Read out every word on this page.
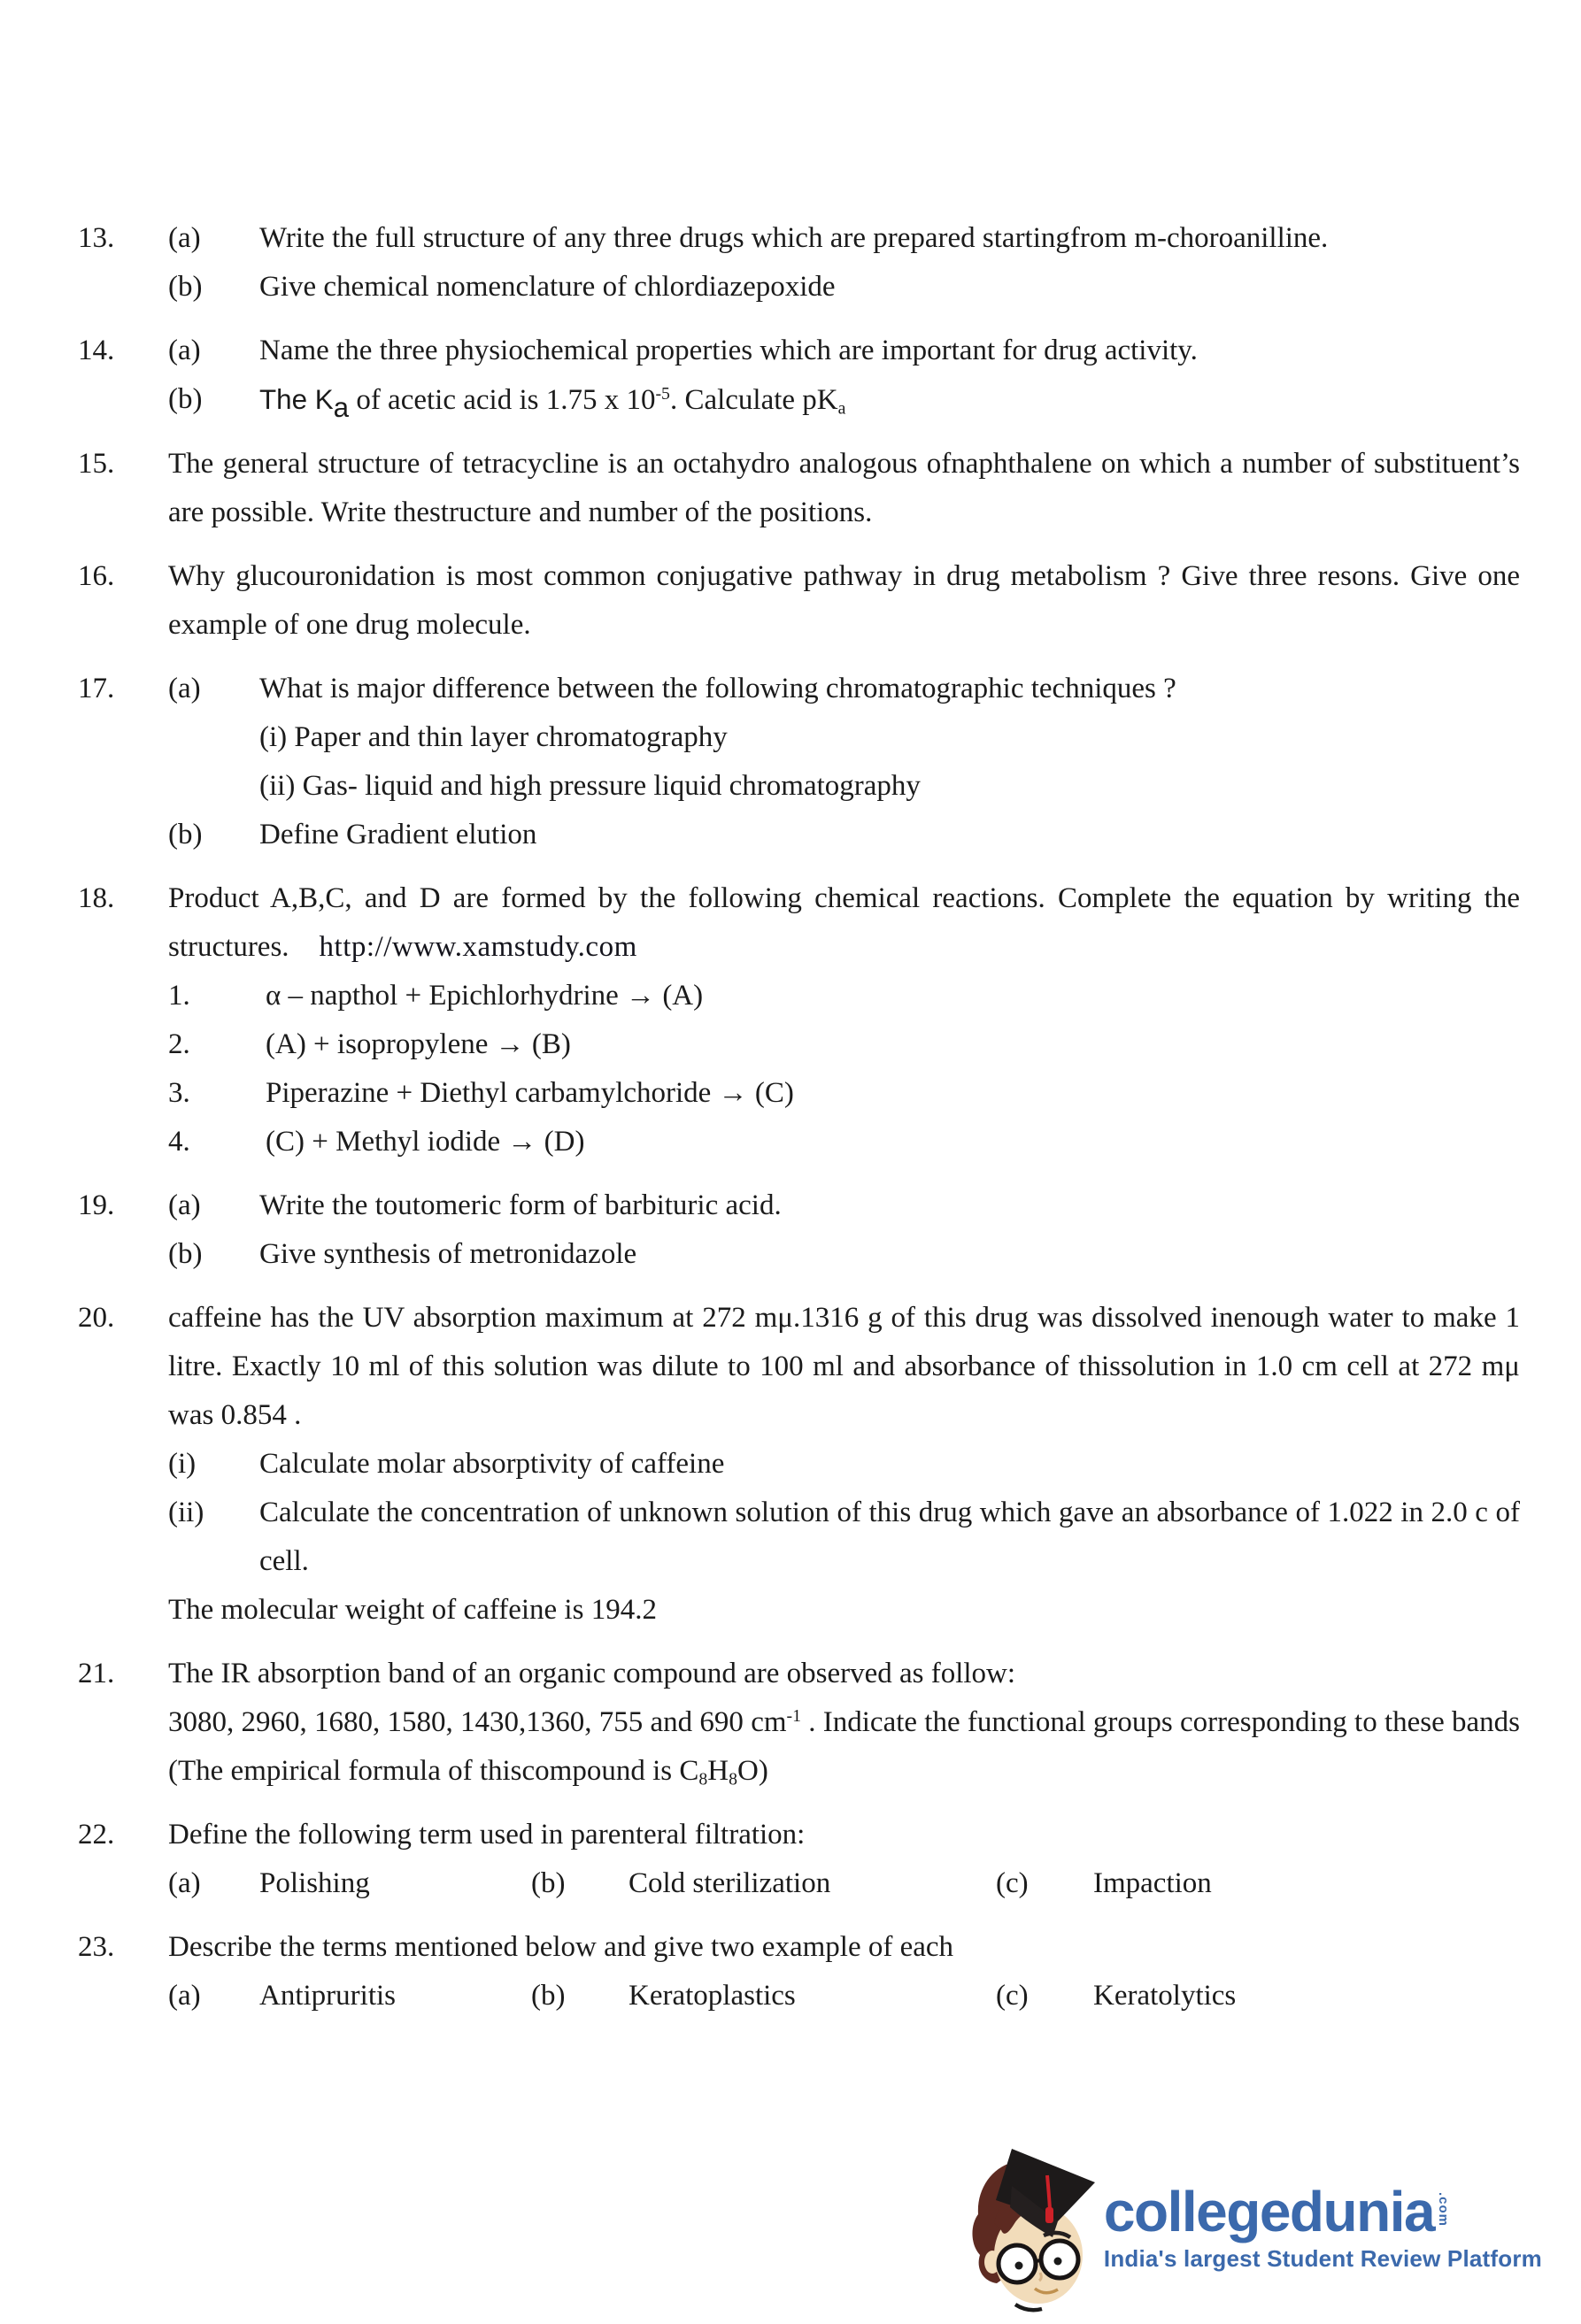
13.	(a)	Write the full structure of any three drugs which are prepared startingfrom m-choroanilline.
(b)	Give chemical nomenclature of chlordiazepoxide
14.	(a)	Name the three physiochemical properties which are important for drug activity.
(b)	The $K_a$ of acetic acid is 1.75 x $10^{-5}$. Calculate $pK_a$
15.	The general structure of tetracycline is an octahydro analogous ofnaphthalene on which a number of substituent’s are possible. Write thestructure and number of the positions.
16.	Why glucouronidation is most common conjugative pathway in drug metabolism ? Give three resons. Give one example of one drug molecule.
17.	(a)	What is major difference between the following chromatographic techniques ?
(i) Paper and thin layer chromatography
(ii) Gas- liquid and high pressure liquid chromatography
(b)	Define Gradient elution
18.	Product A,B,C, and D are formed by the following chemical reactions. Complete the equation by writing the structures. http://www.xamstudy.com
1.	α – napthol + Epichlorhydrine → (A)
2.	(A) + isopropylene → (B)
3.	Piperazine + Diethyl carbamylchoride → (C)
4.	(C) + Methyl iodide → (D)
19.	(a)	Write the toutomeric form of barbituric acid.
(b)	Give synthesis of metronidazole
20.	caffeine has the UV absorption maximum at 272 mμ.1316 g of this drug was dissolved inenough water to make 1 litre. Exactly 10 ml of this solution was dilute to 100 ml and absorbance of thissolution in 1.0 cm cell at 272 mμ was 0.854 .
(i)	Calculate molar absorptivity of caffeine
(ii)	Calculate the concentration of unknown solution of this drug which gave an absorbance of 1.022 in 2.0 c of cell.
The molecular weight of caffeine is 194.2
21.	The IR absorption band of an organic compound are observed as follow:
3080, 2960, 1680, 1580, 1430,1360, 755 and 690 $cm^{-1}$ . Indicate the functional groups corresponding to these bands (The empirical formula of thiscompound is $C_8H_8O$)
22.	Define the following term used in parenteral filtration:
(a)	Polishing	(b)	Cold sterilization	(c)	Impaction
23.	Describe the terms mentioned below and give two example of each
(a)	Antipruritis	(b)	Keratoplastics	(c)	Keratolytics
collegedunia .com
India's largest Student Review Platform
